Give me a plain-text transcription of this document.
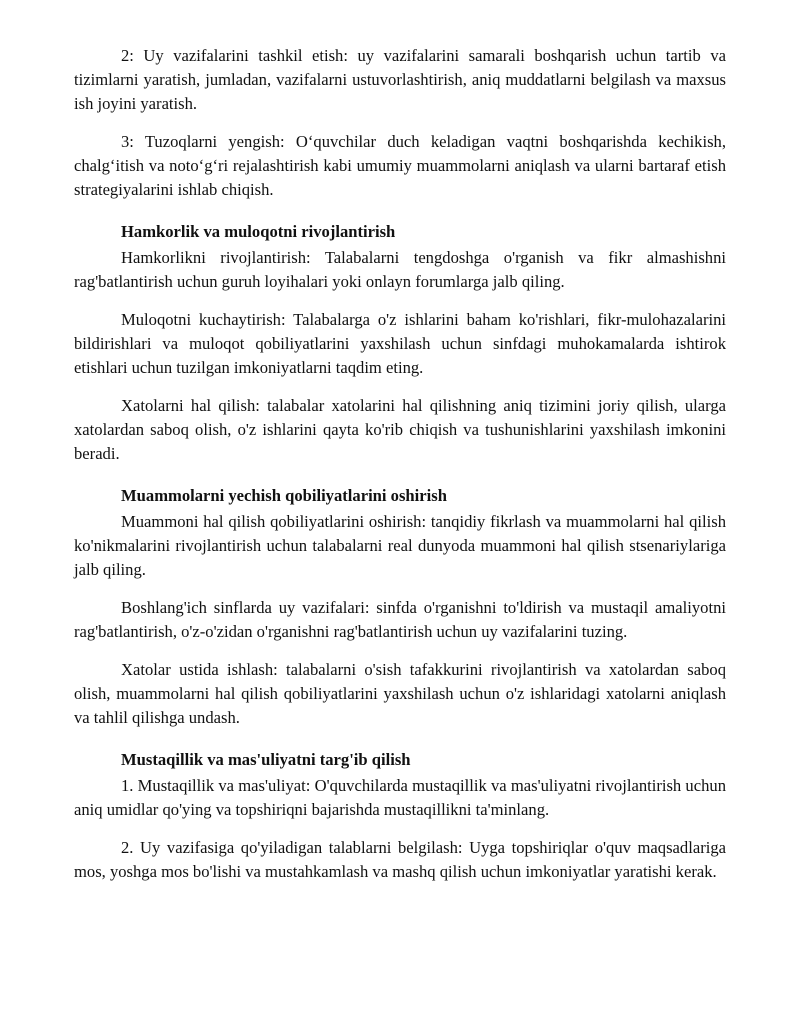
2: Uy vazifalarini tashkil etish: uy vazifalarini samarali boshqarish uchun tartib va tizimlarni yaratish, jumladan, vazifalarni ustuvorlashtirish, aniq muddatlarni belgilash va maxsus ish joyini yaratish.

3: Tuzoqlarni yengish: O‘quvchilar duch keladigan vaqtni boshqarishda kechikish, chalg‘itish va noto‘g‘ri rejalashtirish kabi umumiy muammolarni aniqlash va ularni bartaraf etish strategiyalarini ishlab chiqish.

Hamkorlik va muloqotni rivojlantirish

Hamkorlikni rivojlantirish: Talabalarni tengdoshga o'rganish va fikr almashishni rag'batlantirish uchun guruh loyihalari yoki onlayn forumlarga jalb qiling.

Muloqotni kuchaytirish: Talabalarga o'z ishlarini baham ko'rishlari, fikr-mulohazalarini bildirishlari va muloqot qobiliyatlarini yaxshilash uchun sinfdagi muhokamalarda ishtirok etishlari uchun tuzilgan imkoniyatlarni taqdim eting.

Xatolarni hal qilish: talabalar xatolarini hal qilishning aniq tizimini joriy qilish, ularga xatolardan saboq olish, o'z ishlarini qayta ko'rib chiqish va tushunishlarini yaxshilash imkonini beradi.

Muammolarni yechish qobiliyatlarini oshirish

Muammoni hal qilish qobiliyatlarini oshirish: tanqidiy fikrlash va muammolarni hal qilish ko'nikmalarini rivojlantirish uchun talabalarni real dunyoda muammoni hal qilish stsenariylariga jalb qiling.

Boshlang'ich sinflarda uy vazifalari: sinfda o'rganishni to'ldirish va mustaqil amaliyotni rag'batlantirish, o'z-o'zidan o'rganishni rag'batlantirish uchun uy vazifalarini tuzing.

Xatolar ustida ishlash: talabalarni o'sish tafakkurini rivojlantirish va xatolardan saboq olish, muammolarni hal qilish qobiliyatlarini yaxshilash uchun o'z ishlaridagi xatolarni aniqlash va tahlil qilishga undash.

Mustaqillik va mas'uliyatni targ'ib qilish

1. Mustaqillik va mas'uliyat: O'quvchilarda mustaqillik va mas'uliyatni rivojlantirish uchun aniq umidlar qo'ying va topshiriqni bajarishda mustaqillikni ta'minlang.

2. Uy vazifasiga qo'yiladigan talablarni belgilash: Uyga topshiriqlar o'quv maqsadlariga mos, yoshga mos bo'lishi va mustahkamlash va mashq qilish uchun imkoniyatlar yaratishi kerak.
